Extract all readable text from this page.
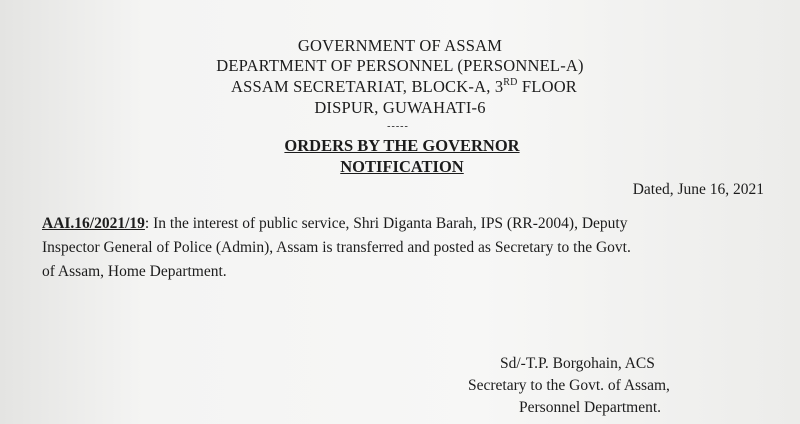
GOVERNMENT OF ASSAM
DEPARTMENT OF PERSONNEL (PERSONNEL-A)
ASSAM SECRETARIAT, BLOCK-A, 3RD FLOOR
DISPUR, GUWAHATI-6
-----
ORDERS BY THE GOVERNOR
NOTIFICATION
Dated, June 16, 2021
AAI.16/2021/19: In the interest of public service, Shri Diganta Barah, IPS (RR-2004), Deputy
Inspector General of Police (Admin), Assam is transferred and posted as Secretary to the Govt.
of Assam, Home Department.
Sd/-T.P. Borgohain, ACS
Secretary to the Govt. of Assam,
Personnel Department.
